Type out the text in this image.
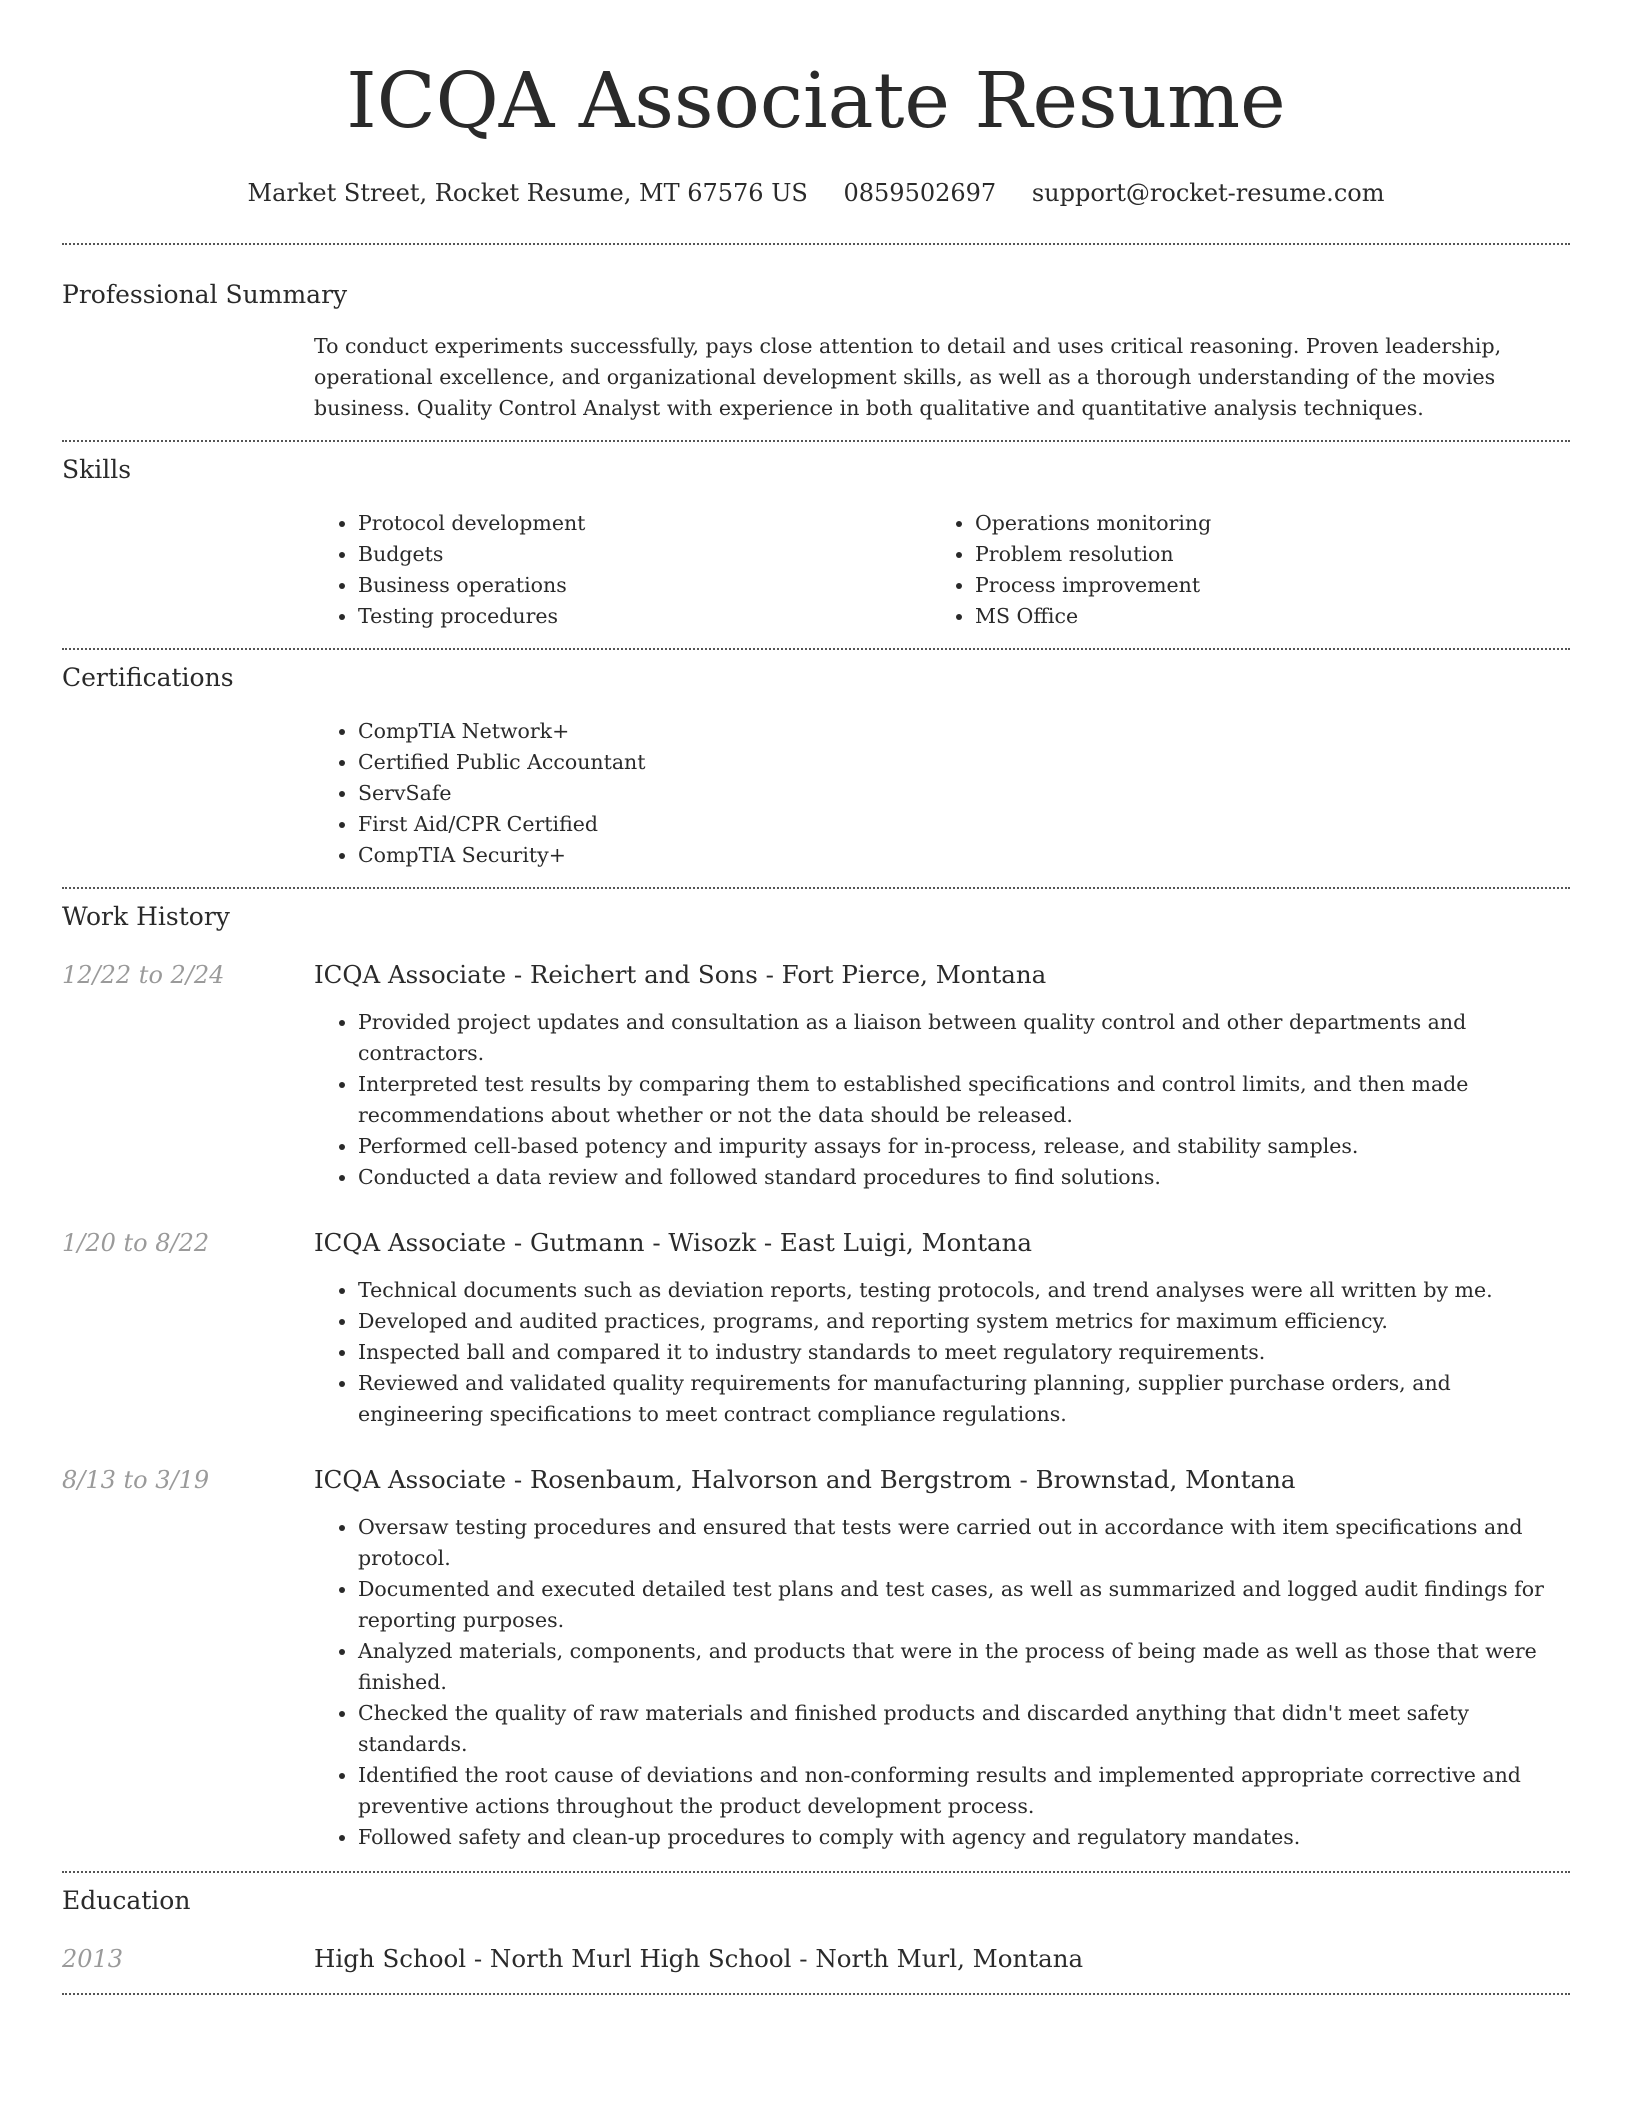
ICQA Associate Resume
Market Street, Rocket Resume, MT 67576 US 0859502697 support@rocket-resume.com
Professional Summary

To conduct experiments successfully, pays close attention to detail and uses critical reasoning. Proven leadership, operational excellence, and organizational development skills, as well as a thorough understanding of the movies business. Quality Control Analyst with experience in both qualitative and quantitative analysis techniques.

Skills
• Protocol development
• Budgets
• Business operations
• Testing procedures
• Operations monitoring
• Problem resolution
• Process improvement
• MS Office
Certifications
• CompTIA Network+
• Certified Public Accountant
• ServSafe
• First Aid/CPR Certified
• CompTIA Security+
Work History
12/22 to 2/24	ICQA Associate - Reichert and Sons - Fort Pierce, Montana
• Provided project updates and consultation as a liaison between quality control and other departments and contractors.
• Interpreted test results by comparing them to established specifications and control limits, and then made recommendations about whether or not the data should be released.
• Performed cell-based potency and impurity assays for in-process, release, and stability samples.
• Conducted a data review and followed standard procedures to find solutions.
1/20 to 8/22	ICQA Associate - Gutmann - Wisozk - East Luigi, Montana
• Technical documents such as deviation reports, testing protocols, and trend analyses were all written by me.
• Developed and audited practices, programs, and reporting system metrics for maximum efficiency.
• Inspected ball and compared it to industry standards to meet regulatory requirements.
• Reviewed and validated quality requirements for manufacturing planning, supplier purchase orders, and engineering specifications to meet contract compliance regulations.
8/13 to 3/19	ICQA Associate - Rosenbaum, Halvorson and Bergstrom - Brownstad, Montana
• Oversaw testing procedures and ensured that tests were carried out in accordance with item specifications and protocol.
• Documented and executed detailed test plans and test cases, as well as summarized and logged audit findings for reporting purposes.
• Analyzed materials, components, and products that were in the process of being made as well as those that were finished.
• Checked the quality of raw materials and finished products and discarded anything that didn't meet safety standards.
• Identified the root cause of deviations and non-conforming results and implemented appropriate corrective and preventive actions throughout the product development process.
• Followed safety and clean-up procedures to comply with agency and regulatory mandates.
Education
2013	High School - North Murl High School - North Murl, Montana
